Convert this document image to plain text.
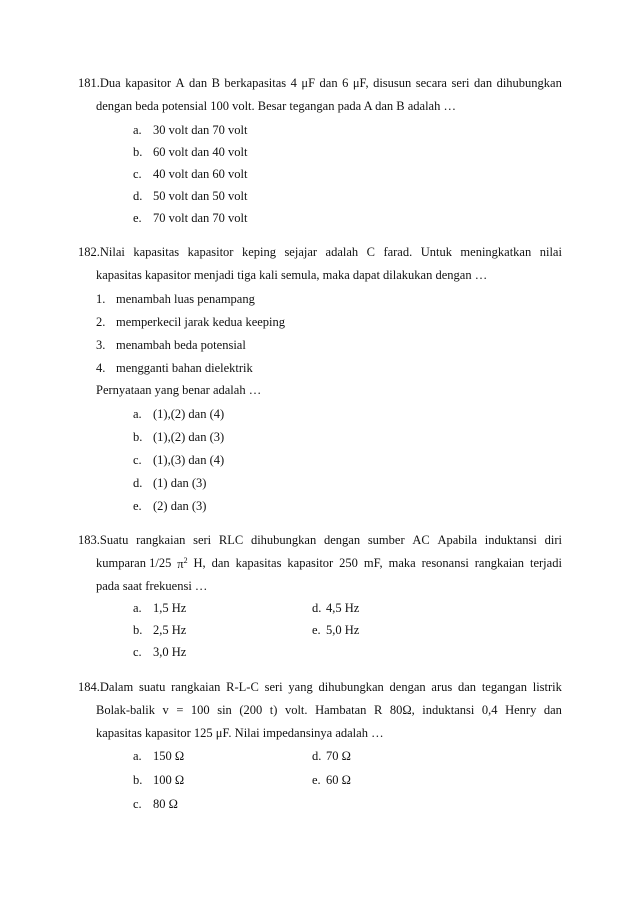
181.Dua kapasitor A dan B berkapasitas 4 μF dan 6 μF, disusun secara seri dan dihubungkan
dengan beda potensial 100 volt. Besar tegangan pada A dan B adalah …
a. 30 volt dan 70 volt
b. 60 volt dan 40 volt
c. 40 volt dan 60 volt
d. 50 volt dan 50 volt
e. 70 volt dan 70 volt
182.Nilai kapasitas kapasitor keping sejajar adalah C farad. Untuk meningkatkan nilai
kapasitas kapasitor menjadi tiga kali semula, maka dapat dilakukan dengan …
1. menambah luas penampang
2. memperkecil jarak kedua keeping
3. menambah beda potensial
4. mengganti bahan dielektrik
Pernyataan yang benar adalah …
a. (1),(2) dan (4)
b. (1),(2) dan (3)
c. (1),(3) dan (4)
d. (1) dan (3)
e. (2) dan (3)
183.Suatu rangkaian seri RLC dihubungkan dengan sumber AC Apabila induktansi diri
kumparan 1/25 π2 H, dan kapasitas kapasitor 250 mF, maka resonansi rangkaian terjadi
pada saat frekuensi …
a. 1,5 Hz	d. 4,5 Hz
b. 2,5 Hz	e. 5,0 Hz
c. 3,0 Hz
184.Dalam suatu rangkaian R-L-C seri yang dihubungkan dengan arus dan tegangan listrik
Bolak-balik v = 100 sin (200 t) volt. Hambatan R 80Ω, induktansi 0,4 Henry dan
kapasitas kapasitor 125 μF. Nilai impedansinya adalah …
a. 150 Ω	d. 70 Ω
b. 100 Ω	e. 60 Ω
c. 80 Ω
